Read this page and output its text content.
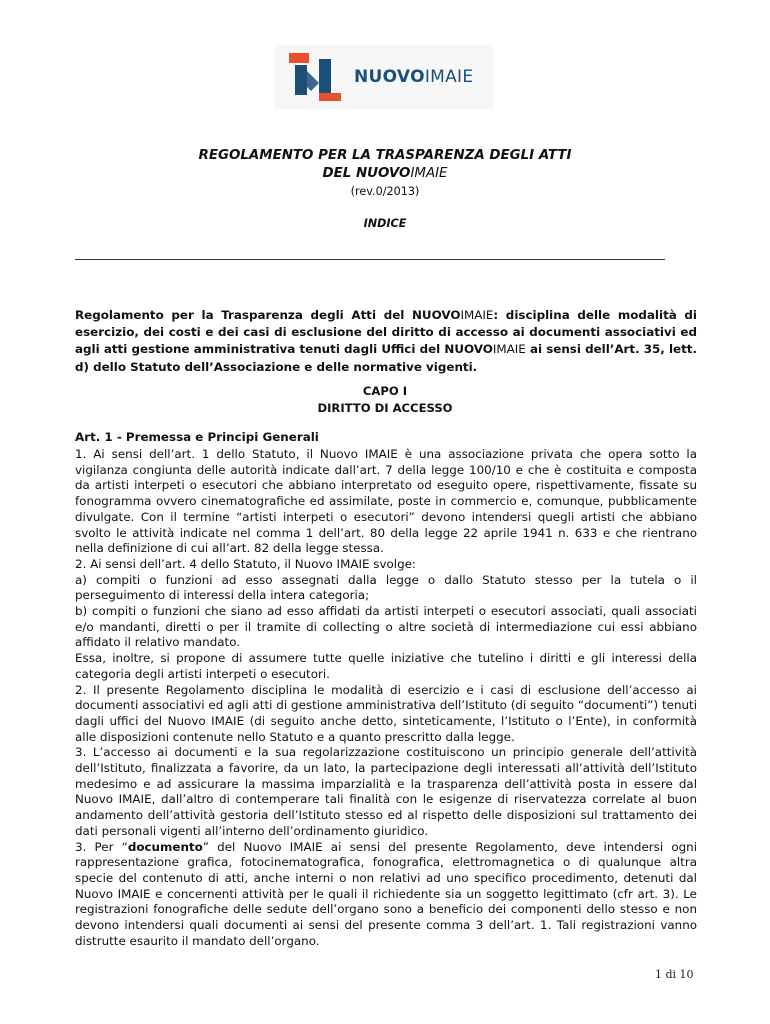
NUOVOIMAIE
REGOLAMENTO PER LA TRASPARENZA DEGLI ATTI
DEL NUOVOIMAIE
(rev.0/2013)
INDICE
Regolamento per la Trasparenza degli Atti del NUOVOIMAIE: disciplina delle modalità di esercizio, dei costi e dei casi di esclusione del diritto di accesso ai documenti associativi ed agli atti gestione amministrativa tenuti dagli Uffici del NUOVOIMAIE ai sensi dell’Art. 35, lett. d) dello Statuto dell’Associazione e delle normative vigenti.
CAPO I
DIRITTO DI ACCESSO
Art. 1 - Premessa e Principi Generali

1. Ai sensi dell’art. 1 dello Statuto, il Nuovo IMAIE è una associazione privata che opera sotto la vigilanza congiunta delle autorità indicate dall’art. 7 della legge 100/10 e che è costituita e composta da artisti interpeti o esecutori che abbiano interpretato od eseguito opere, rispettivamente, fissate su fonogramma ovvero cinematografiche ed assimilate, poste in commercio e, comunque, pubblicamente divulgate. Con il termine “artisti interpeti o esecutori” devono intendersi quegli artisti che abbiano svolto le attività indicate nel comma 1 dell’art. 80 della legge 22 aprile 1941 n. 633 e che rientrano nella definizione di cui all’art. 82 della legge stessa.

2. Ai sensi dell’art. 4 dello Statuto, il Nuovo IMAIE svolge:

a) compiti o funzioni ad esso assegnati dalla legge o dallo Statuto stesso per la tutela o il perseguimento di interessi della intera categoria;

b) compiti o funzioni che siano ad esso affidati da artisti interpeti o esecutori associati, quali associati e/o mandanti, diretti o per il tramite di collecting o altre società di intermediazione cui essi abbiano affidato il relativo mandato.

Essa, inoltre, si propone di assumere tutte quelle iniziative che tutelino i diritti e gli interessi della categoria degli artisti interpeti o esecutori.

2. Il presente Regolamento disciplina le modalità di esercizio e i casi di esclusione dell’accesso ai documenti associativi ed agli atti di gestione amministrativa dell’Istituto (di seguito “documenti”) tenuti dagli uffici del Nuovo IMAIE (di seguito anche detto, sinteticamente, l’Istituto o l’Ente), in conformità alle disposizioni contenute nello Statuto e a quanto prescritto dalla legge.

3. L’accesso ai documenti e la sua regolarizzazione costituiscono un principio generale dell’attività dell’Istituto, finalizzata a favorire, da un lato, la partecipazione degli interessati all’attività dell’Istituto medesimo e ad assicurare la massima imparzialità e la trasparenza dell’attività posta in essere dal Nuovo IMAIE, dall’altro di contemperare tali finalità con le esigenze di riservatezza correlate al buon andamento dell’attività gestoria dell’Istituto stesso ed al rispetto delle disposizioni sul trattamento dei dati personali vigenti all’interno dell’ordinamento giuridico.

3. Per “documento” del Nuovo IMAIE ai sensi del presente Regolamento, deve intendersi ogni rappresentazione grafica, fotocinematografica, fonografica, elettromagnetica o di qualunque altra specie del contenuto di atti, anche interni o non relativi ad uno specifico procedimento, detenuti dal Nuovo IMAIE e concernenti attività per le quali il richiedente sia un soggetto legittimato (cfr art. 3). Le registrazioni fonografiche delle sedute dell’organo sono a beneficio dei componenti dello stesso e non devono intendersi quali documenti ai sensi del presente comma 3 dell’art. 1. Tali registrazioni vanno distrutte esaurito il mandato dell’organo.

1 di 10
